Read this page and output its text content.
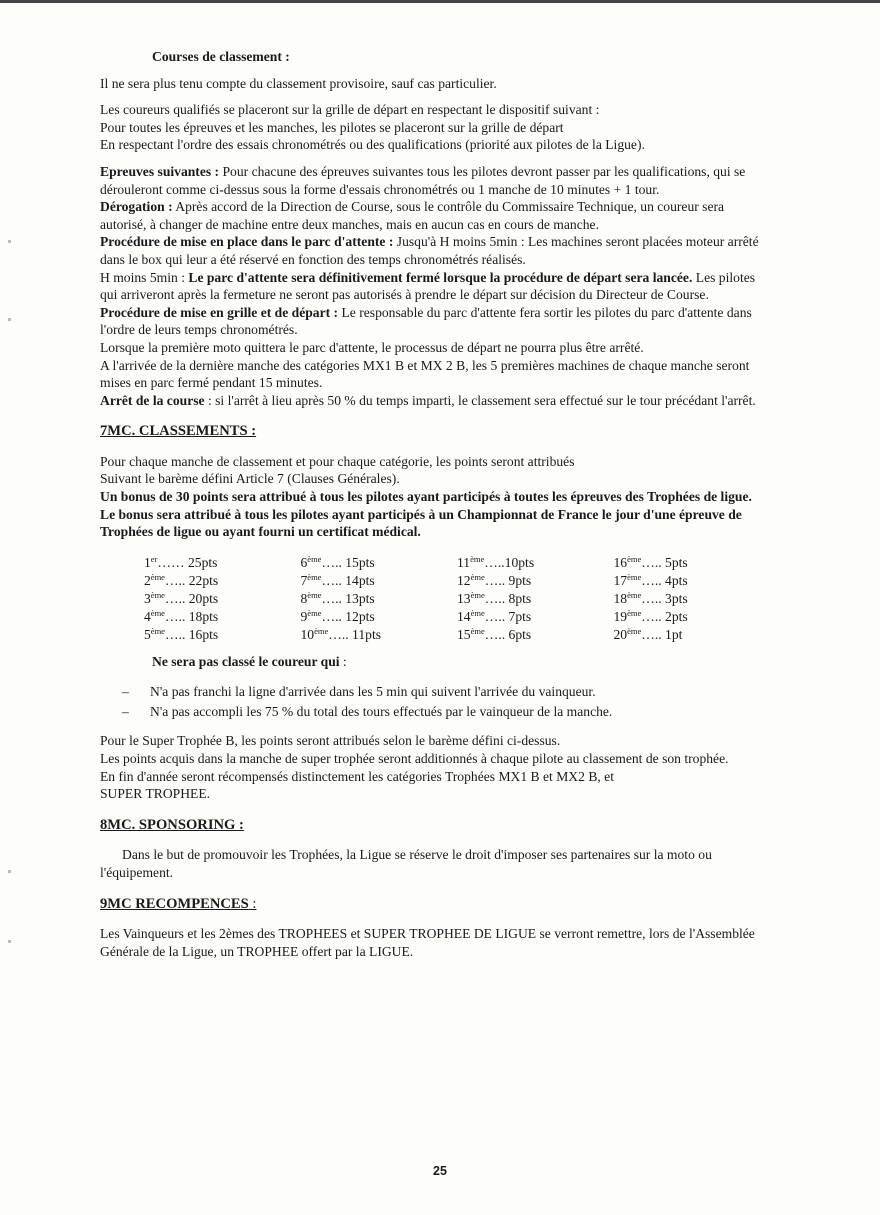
Courses de classement :

Il ne sera plus tenu compte du classement provisoire, sauf cas particulier.

Les coureurs qualifiés se placeront sur la grille de départ en respectant le dispositif suivant :

Pour toutes les épreuves et les manches, les pilotes se placeront sur la grille de départ

En respectant l'ordre des essais chronométrés ou des qualifications (priorité aux pilotes de la Ligue).

Epreuves suivantes : Pour chacune des épreuves suivantes tous les pilotes devront passer par les qualifications, qui se dérouleront comme ci-dessus sous la forme d'essais chronométrés ou 1 manche de 10 minutes + 1 tour.

Dérogation : Après accord de la Direction de Course, sous le contrôle du Commissaire Technique, un coureur sera autorisé, à changer de machine entre deux manches, mais en aucun cas en cours de manche.

Procédure de mise en place dans le parc d'attente : Jusqu'à H moins 5min : Les machines seront placées moteur arrêté dans le box qui leur a été réservé en fonction des temps chronométrés réalisés.

H moins 5min : Le parc d'attente sera définitivement fermé lorsque la procédure de départ sera lancée. Les pilotes qui arriveront après la fermeture ne seront pas autorisés à prendre le départ sur décision du Directeur de Course.

Procédure de mise en grille et de départ : Le responsable du parc d'attente fera sortir les pilotes du parc d'attente dans l'ordre de leurs temps chronométrés.

Lorsque la première moto quittera le parc d'attente, le processus de départ ne pourra plus être arrêté.

A l'arrivée de la dernière manche des catégories MX1 B et MX 2 B, les 5 premières machines de chaque manche seront mises en parc fermé pendant 15 minutes.

Arrêt de la course : si l'arrêt à lieu après 50 % du temps imparti, le classement sera effectué sur le tour précédant l'arrêt.

7MC. CLASSEMENTS :

Pour chaque manche de classement et pour chaque catégorie, les points seront attribués

Suivant le barème défini Article 7 (Clauses Générales).

Un bonus de 30 points sera attribué à tous les pilotes ayant participés à toutes les épreuves des Trophées de ligue.

Le bonus sera attribué à tous les pilotes ayant participés à un Championnat de France le jour d'une épreuve de Trophées de ligue ou ayant fourni un certificat médical.

1er…… 25pts
2ème….. 22pts
3ème….. 20pts
4ème….. 18pts
5ème….. 16pts
6ème….. 15pts
7ème….. 14pts
8ème….. 13pts
9ème….. 12pts
10ème….. 11pts
11ème…..10pts
12ème….. 9pts
13ème….. 8pts
14ème….. 7pts
15ème….. 6pts
16ème….. 5pts
17ème….. 4pts
18ème….. 3pts
19ème….. 2pts
20ème….. 1pt

Ne sera pas classé le coureur qui :

– N'a pas franchi la ligne d'arrivée dans les 5 min qui suivent l'arrivée du vainqueur.
– N'a pas accompli les 75 % du total des tours effectués par le vainqueur de la manche.

Pour le Super Trophée B, les points seront attribués selon le barème défini ci-dessus.

Les points acquis dans la manche de super trophée seront additionnés à chaque pilote au classement de son trophée.

En fin d'année seront récompensés distinctement les catégories Trophées MX1 B et MX2 B, et

SUPER TROPHEE.

8MC. SPONSORING :

Dans le but de promouvoir les Trophées, la Ligue se réserve le droit d'imposer ses partenaires sur la moto ou l'équipement.

9MC RECOMPENCES :

Les Vainqueurs et les 2èmes des TROPHEES et SUPER TROPHEE DE LIGUE se verront remettre, lors de l'Assemblée Générale de la Ligue, un TROPHEE offert par la LIGUE.

25
